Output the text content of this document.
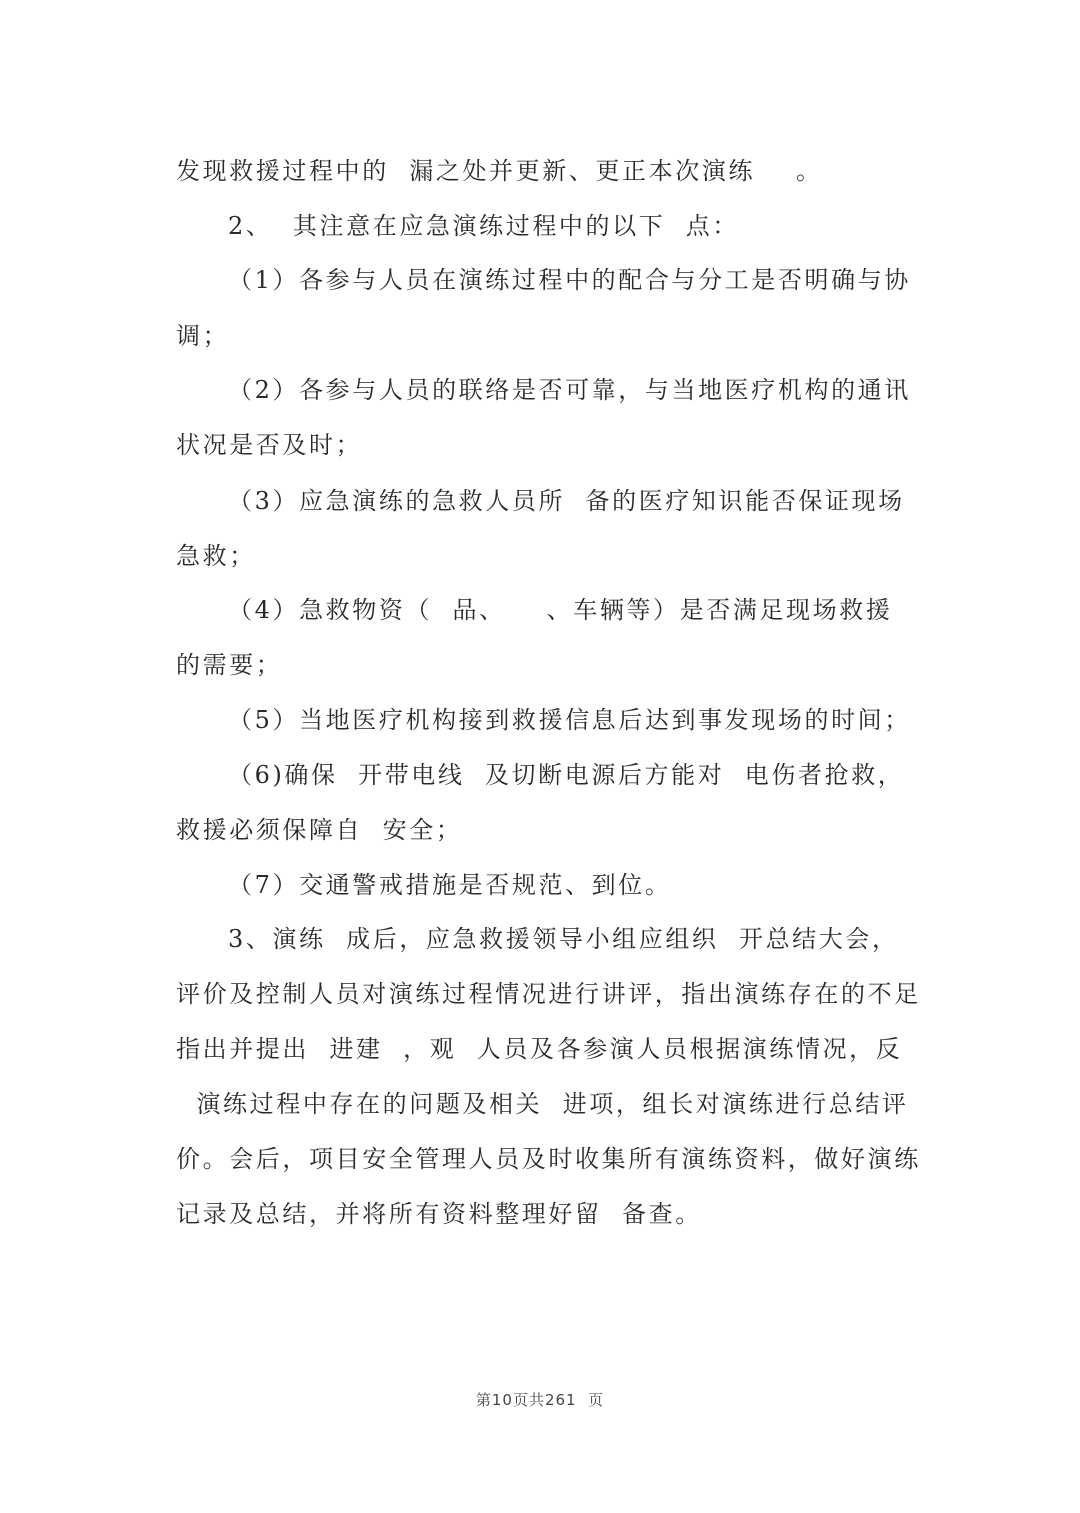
发现救援过程中的  漏之处并更新、更正本次演练    。
2、  其注意在应急演练过程中的以下  点：
（1）各参与人员在演练过程中的配合与分工是否明确与协
调；
（2）各参与人员的联络是否可靠，与当地医疗机构的通讯
状况是否及时；
（3）应急演练的急救人员所  备的医疗知识能否保证现场
急救；
（4）急救物资（  品、    、车辆等）是否满足现场救援
的需要；
（5）当地医疗机构接到救援信息后达到事发现场的时间；
（6)确保  开带电线  及切断电源后方能对  电伤者抢救，
救援必须保障自  安全；
（7）交通警戒措施是否规范、到位。
3、演练  成后，应急救援领导小组应组织  开总结大会，
评价及控制人员对演练过程情况进行讲评，指出演练存在的不足
指出并提出  进建  ，观  人员及各参演人员根据演练情况，反
演练过程中存在的问题及相关  进项，组长对演练进行总结评
价。会后，项目安全管理人员及时收集所有演练资料，做好演练
记录及总结，并将所有资料整理好留  备查。
第10页共261  页
